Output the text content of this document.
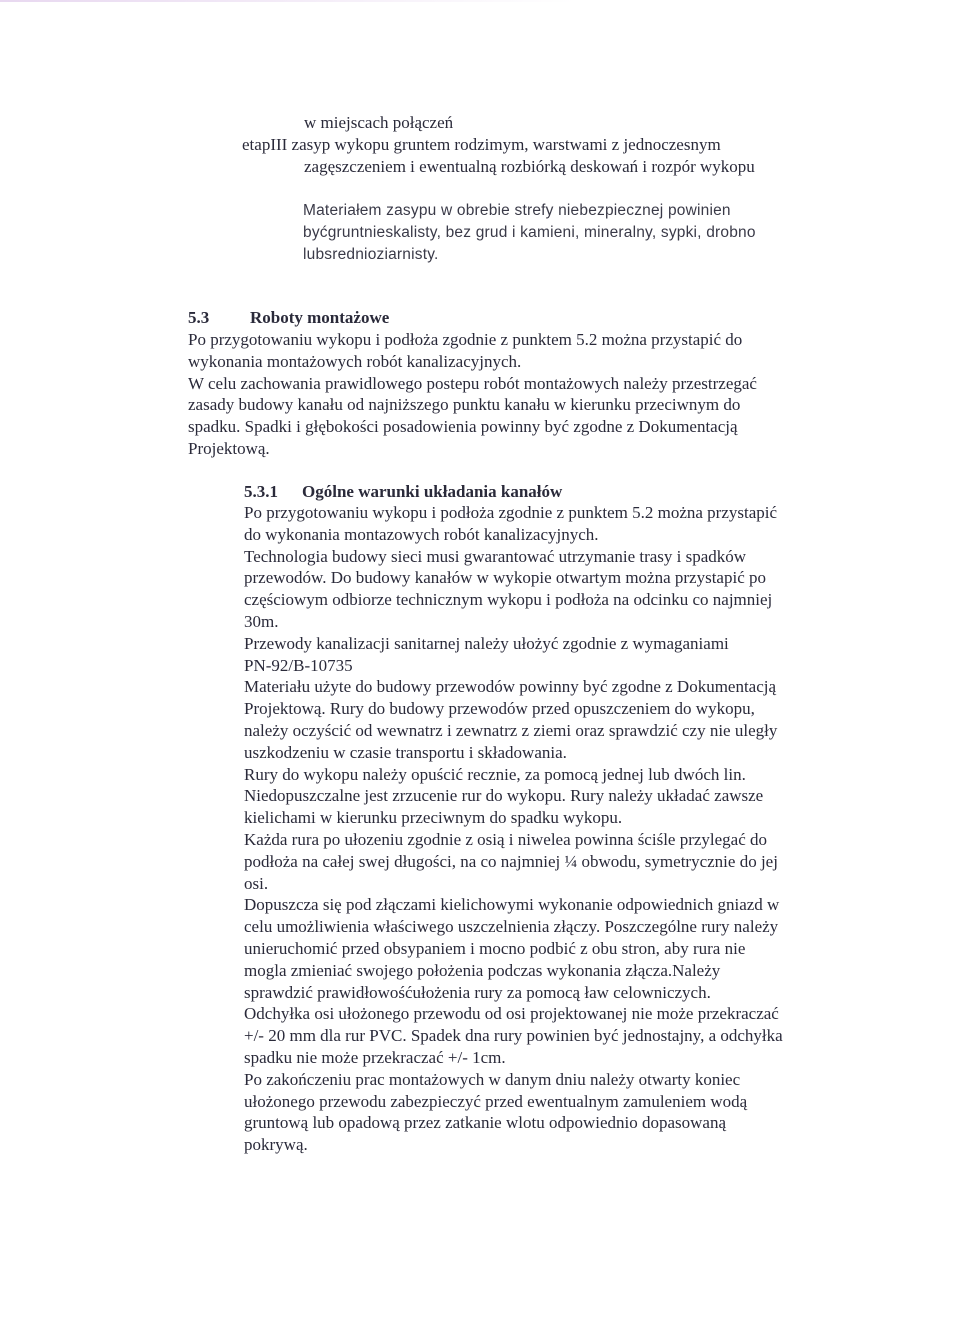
w miejscach połączeń
etapIII zasyp wykopu gruntem rodzimym, warstwami z jednoczesnym
zagęszczeniem i ewentualną rozbiórką deskowań i rozpór wykopu
Materiałem zasypu w obrebie strefy niebezpiecznej powinien
byćgruntnieskalisty, bez grud i kamieni, mineralny, sypki, drobno
lubsrednioziarnisty.
5.3 Roboty montażowe
Po przygotowaniu wykopu i podłoża zgodnie z punktem 5.2 można przystapić do
wykonania montażowych robót kanalizacyjnych.
W celu zachowania prawidlowego postepu robót montażowych należy przestrzegać
zasady budowy kanału od najniższego punktu kanału w kierunku przeciwnym do
spadku. Spadki i głębokości posadowienia powinny być zgodne z Dokumentacją
Projektową.
5.3.1 Ogólne warunki układania kanałów
Po przygotowaniu wykopu i podłoża zgodnie z punktem 5.2 można przystapić
do wykonania montazowych robót kanalizacyjnych.
Technologia budowy sieci musi gwarantować utrzymanie trasy i spadków
przewodów. Do budowy kanałów w wykopie otwartym można przystapić po
częściowym odbiorze technicznym wykopu i podłoża na odcinku co najmniej
30m.
Przewody kanalizacji sanitarnej należy ułożyć zgodnie z wymaganiami
PN-92/B-10735
Materiału użyte do budowy przewodów powinny być zgodne z Dokumentacją
Projektową. Rury do budowy przewodów przed opuszczeniem do wykopu,
należy oczyścić od wewnatrz i zewnatrz z ziemi oraz sprawdzić czy nie uległy
uszkodzeniu w czasie transportu i składowania.
Rury do wykopu należy opuścić recznie, za pomocą jednej lub dwóch lin.
Niedopuszczalne jest zrzucenie rur do wykopu. Rury należy układać zawsze
kielichami w kierunku przeciwnym do spadku wykopu.
Każda rura po ułozeniu zgodnie z osią i niwelea powinna ściśle przylegać do
podłoża na całej swej długości, na co najmniej ¼ obwodu, symetrycznie do jej
osi.
Dopuszcza się pod złączami kielichowymi wykonanie odpowiednich gniazd w
celu umożliwienia właściwego uszczelnienia złączy. Poszczególne rury należy
unieruchomić przed obsypaniem i mocno podbić z obu stron, aby rura nie
mogla zmieniać swojego położenia podczas wykonania złącza.Należy
sprawdzić prawidłowośćułożenia rury za pomocą ław celowniczych.
Odchyłka osi ułożonego przewodu od osi projektowanej nie może przekraczać
+/- 20 mm dla rur PVC. Spadek dna rury powinien być jednostajny, a odchyłka
spadku nie może przekraczać +/- 1cm.
Po zakończeniu prac montażowych w danym dniu należy otwarty koniec
ułożonego przewodu zabezpieczyć przed ewentualnym zamuleniem wodą
gruntową lub opadową przez zatkanie wlotu odpowiednio dopasowaną
pokrywą.
